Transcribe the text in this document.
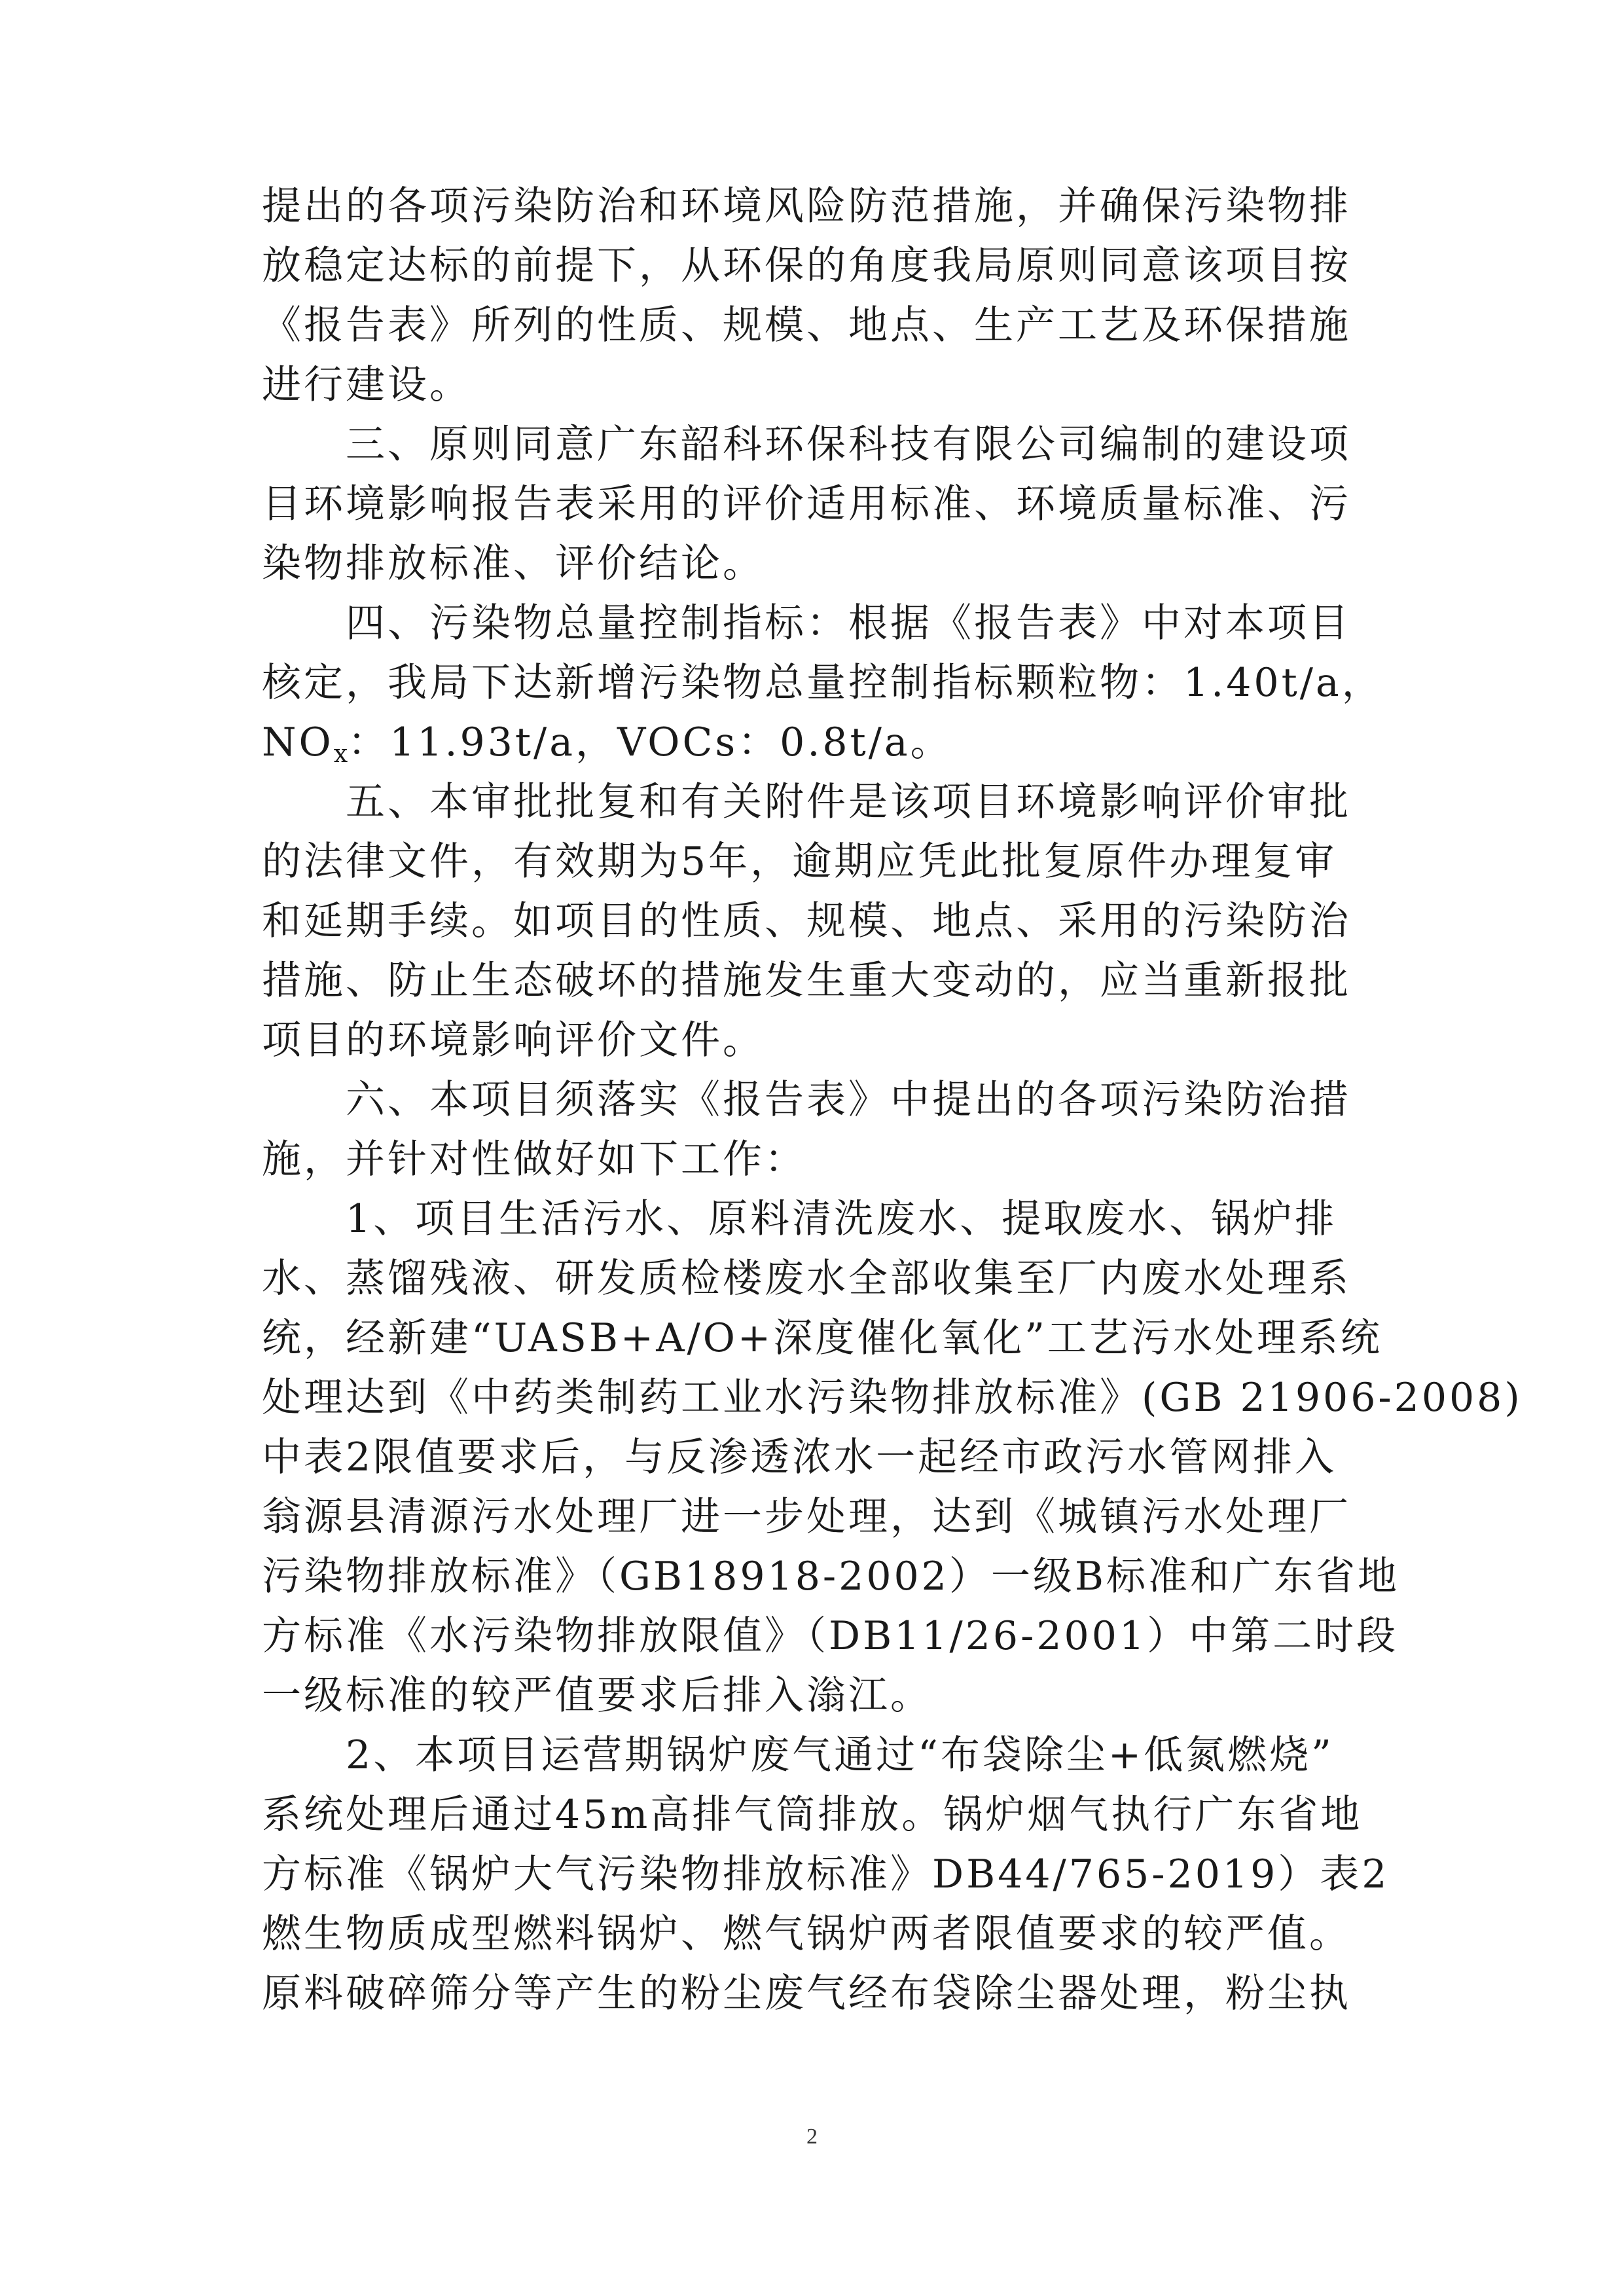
提出的各项污染防治和环境风险防范措施，并确保污染物排
放稳定达标的前提下，从环保的角度我局原则同意该项目按
《报告表》所列的性质、规模、地点、生产工艺及环保措施
进行建设。
三、原则同意广东韶科环保科技有限公司编制的建设项
目环境影响报告表采用的评价适用标准、环境质量标准、污
染物排放标准、评价结论。
四、污染物总量控制指标：根据《报告表》中对本项目
核定，我局下达新增污染物总量控制指标颗粒物：1.40t/a，
$NO_x$：11.93t/a，VOCs：0.8t/a。
五、本审批批复和有关附件是该项目环境影响评价审批
的法律文件，有效期为5年，逾期应凭此批复原件办理复审
和延期手续。如项目的性质、规模、地点、采用的污染防治
措施、防止生态破坏的措施发生重大变动的，应当重新报批
项目的环境影响评价文件。
六、本项目须落实《报告表》中提出的各项污染防治措
施，并针对性做好如下工作：
1、项目生活污水、原料清洗废水、提取废水、锅炉排
水、蒸馏残液、研发质检楼废水全部收集至厂内废水处理系
统，经新建“UASB+A/O+深度催化氧化”工艺污水处理系统
处理达到《中药类制药工业水污染物排放标准》(GB 21906-2008)
中表2限值要求后，与反渗透浓水一起经市政污水管网排入
翁源县清源污水处理厂进一步处理，达到《城镇污水处理厂
污染物排放标准》（GB18918-2002）一级B标准和广东省地
方标准《水污染物排放限值》（DB11/26-2001）中第二时段
一级标准的较严值要求后排入滃江。
2、本项目运营期锅炉废气通过“布袋除尘+低氮燃烧”
系统处理后通过45m高排气筒排放。锅炉烟气执行广东省地
方标准《锅炉大气污染物排放标准》DB44/765-2019）表2
燃生物质成型燃料锅炉、燃气锅炉两者限值要求的较严值。
原料破碎筛分等产生的粉尘废气经布袋除尘器处理，粉尘执
2
